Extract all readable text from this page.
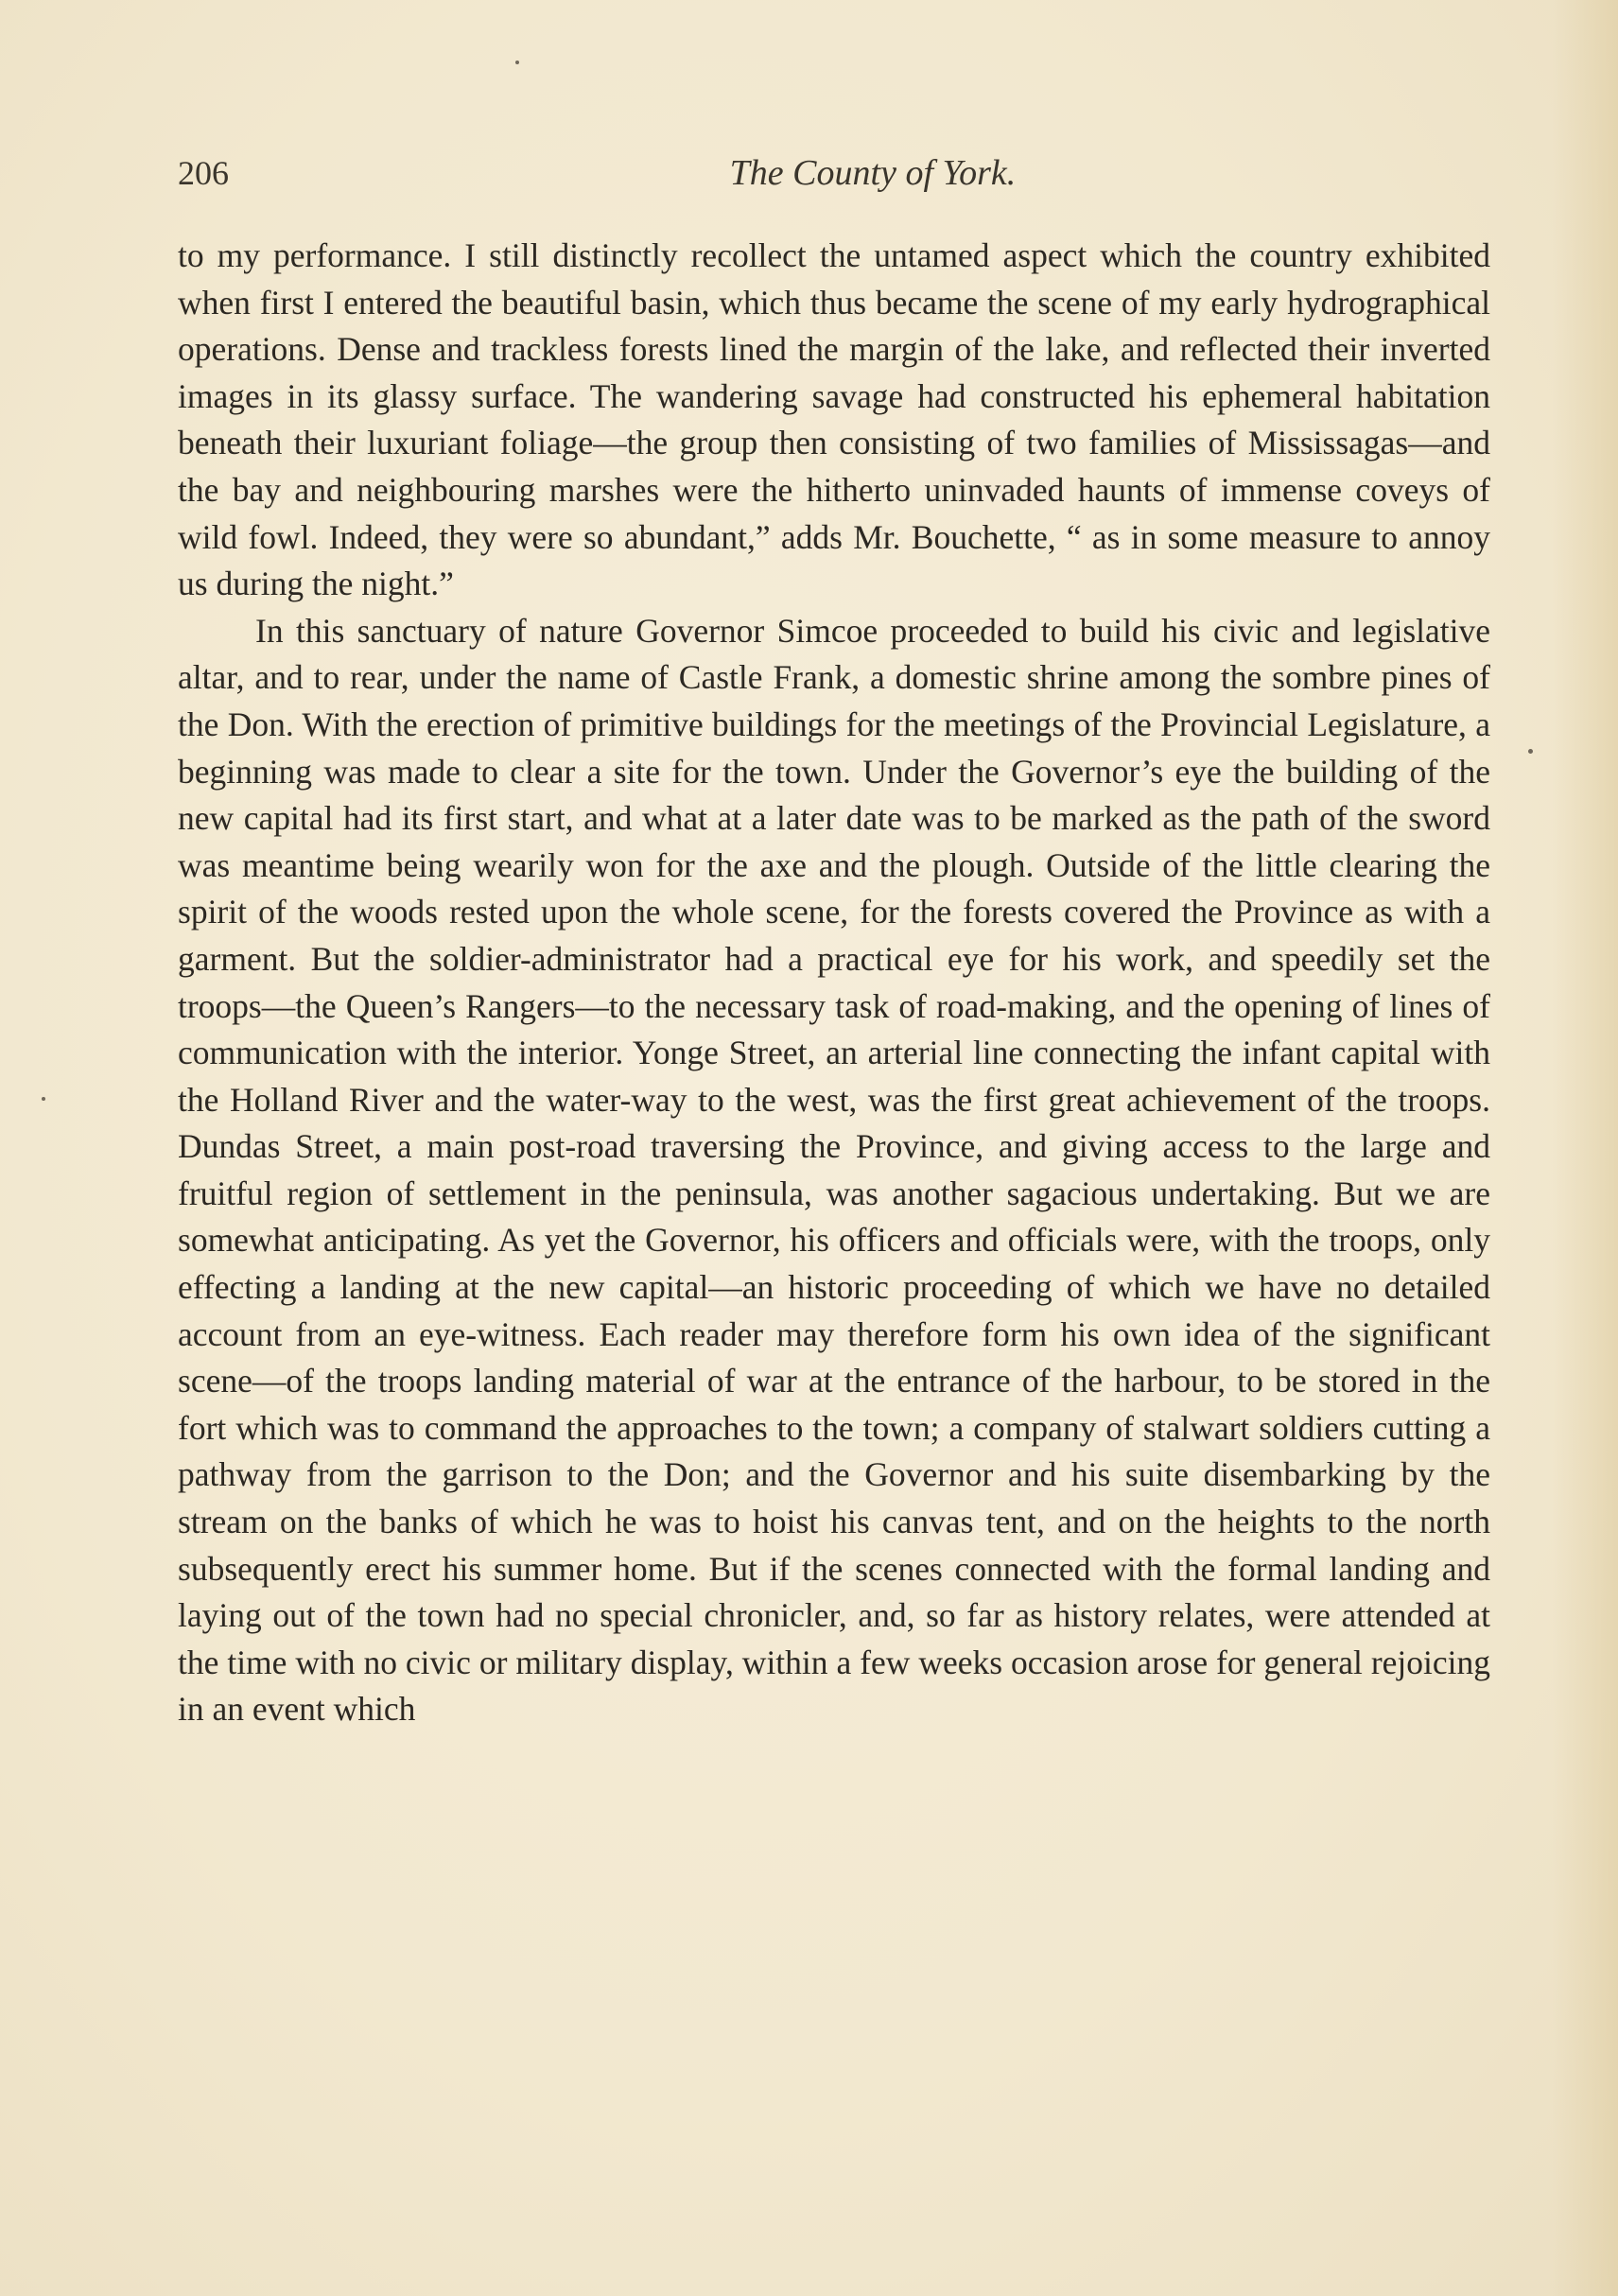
206	The County of York.

to my performance. I still distinctly recollect the untamed aspect which the country exhibited when first I entered the beautiful basin, which thus became the scene of my early hydrographical operations. Dense and trackless forests lined the margin of the lake, and reflected their inverted images in its glassy surface. The wandering savage had constructed his ephemeral habitation beneath their luxuriant foliage—the group then consisting of two families of Mississagas—and the bay and neighbouring marshes were the hitherto uninvaded haunts of immense coveys of wild fowl. Indeed, they were so abundant,” adds Mr. Bouchette, “ as in some measure to annoy us during the night.”

In this sanctuary of nature Governor Simcoe proceeded to build his civic and legislative altar, and to rear, under the name of Castle Frank, a domestic shrine among the sombre pines of the Don. With the erection of primitive buildings for the meetings of the Provincial Legislature, a beginning was made to clear a site for the town. Under the Governor’s eye the building of the new capital had its first start, and what at a later date was to be marked as the path of the sword was meantime being wearily won for the axe and the plough. Outside of the little clearing the spirit of the woods rested upon the whole scene, for the forests covered the Province as with a garment. But the soldier-administrator had a practical eye for his work, and speedily set the troops—the Queen’s Rangers—to the necessary task of road-making, and the opening of lines of communication with the interior. Yonge Street, an arterial line connecting the infant capital with the Holland River and the water-way to the west, was the first great achievement of the troops. Dundas Street, a main post-road traversing the Province, and giving access to the large and fruitful region of settlement in the peninsula, was another sagacious undertaking. But we are somewhat anticipating. As yet the Governor, his officers and officials were, with the troops, only effecting a landing at the new capital—an historic proceeding of which we have no detailed account from an eye-witness. Each reader may therefore form his own idea of the significant scene—of the troops landing material of war at the entrance of the harbour, to be stored in the fort which was to command the approaches to the town; a company of stalwart soldiers cutting a pathway from the garrison to the Don; and the Governor and his suite disembarking by the stream on the banks of which he was to hoist his canvas tent, and on the heights to the north subsequently erect his summer home. But if the scenes connected with the formal landing and laying out of the town had no special chronicler, and, so far as history relates, were attended at the time with no civic or military display, within a few weeks occasion arose for general rejoicing in an event which
